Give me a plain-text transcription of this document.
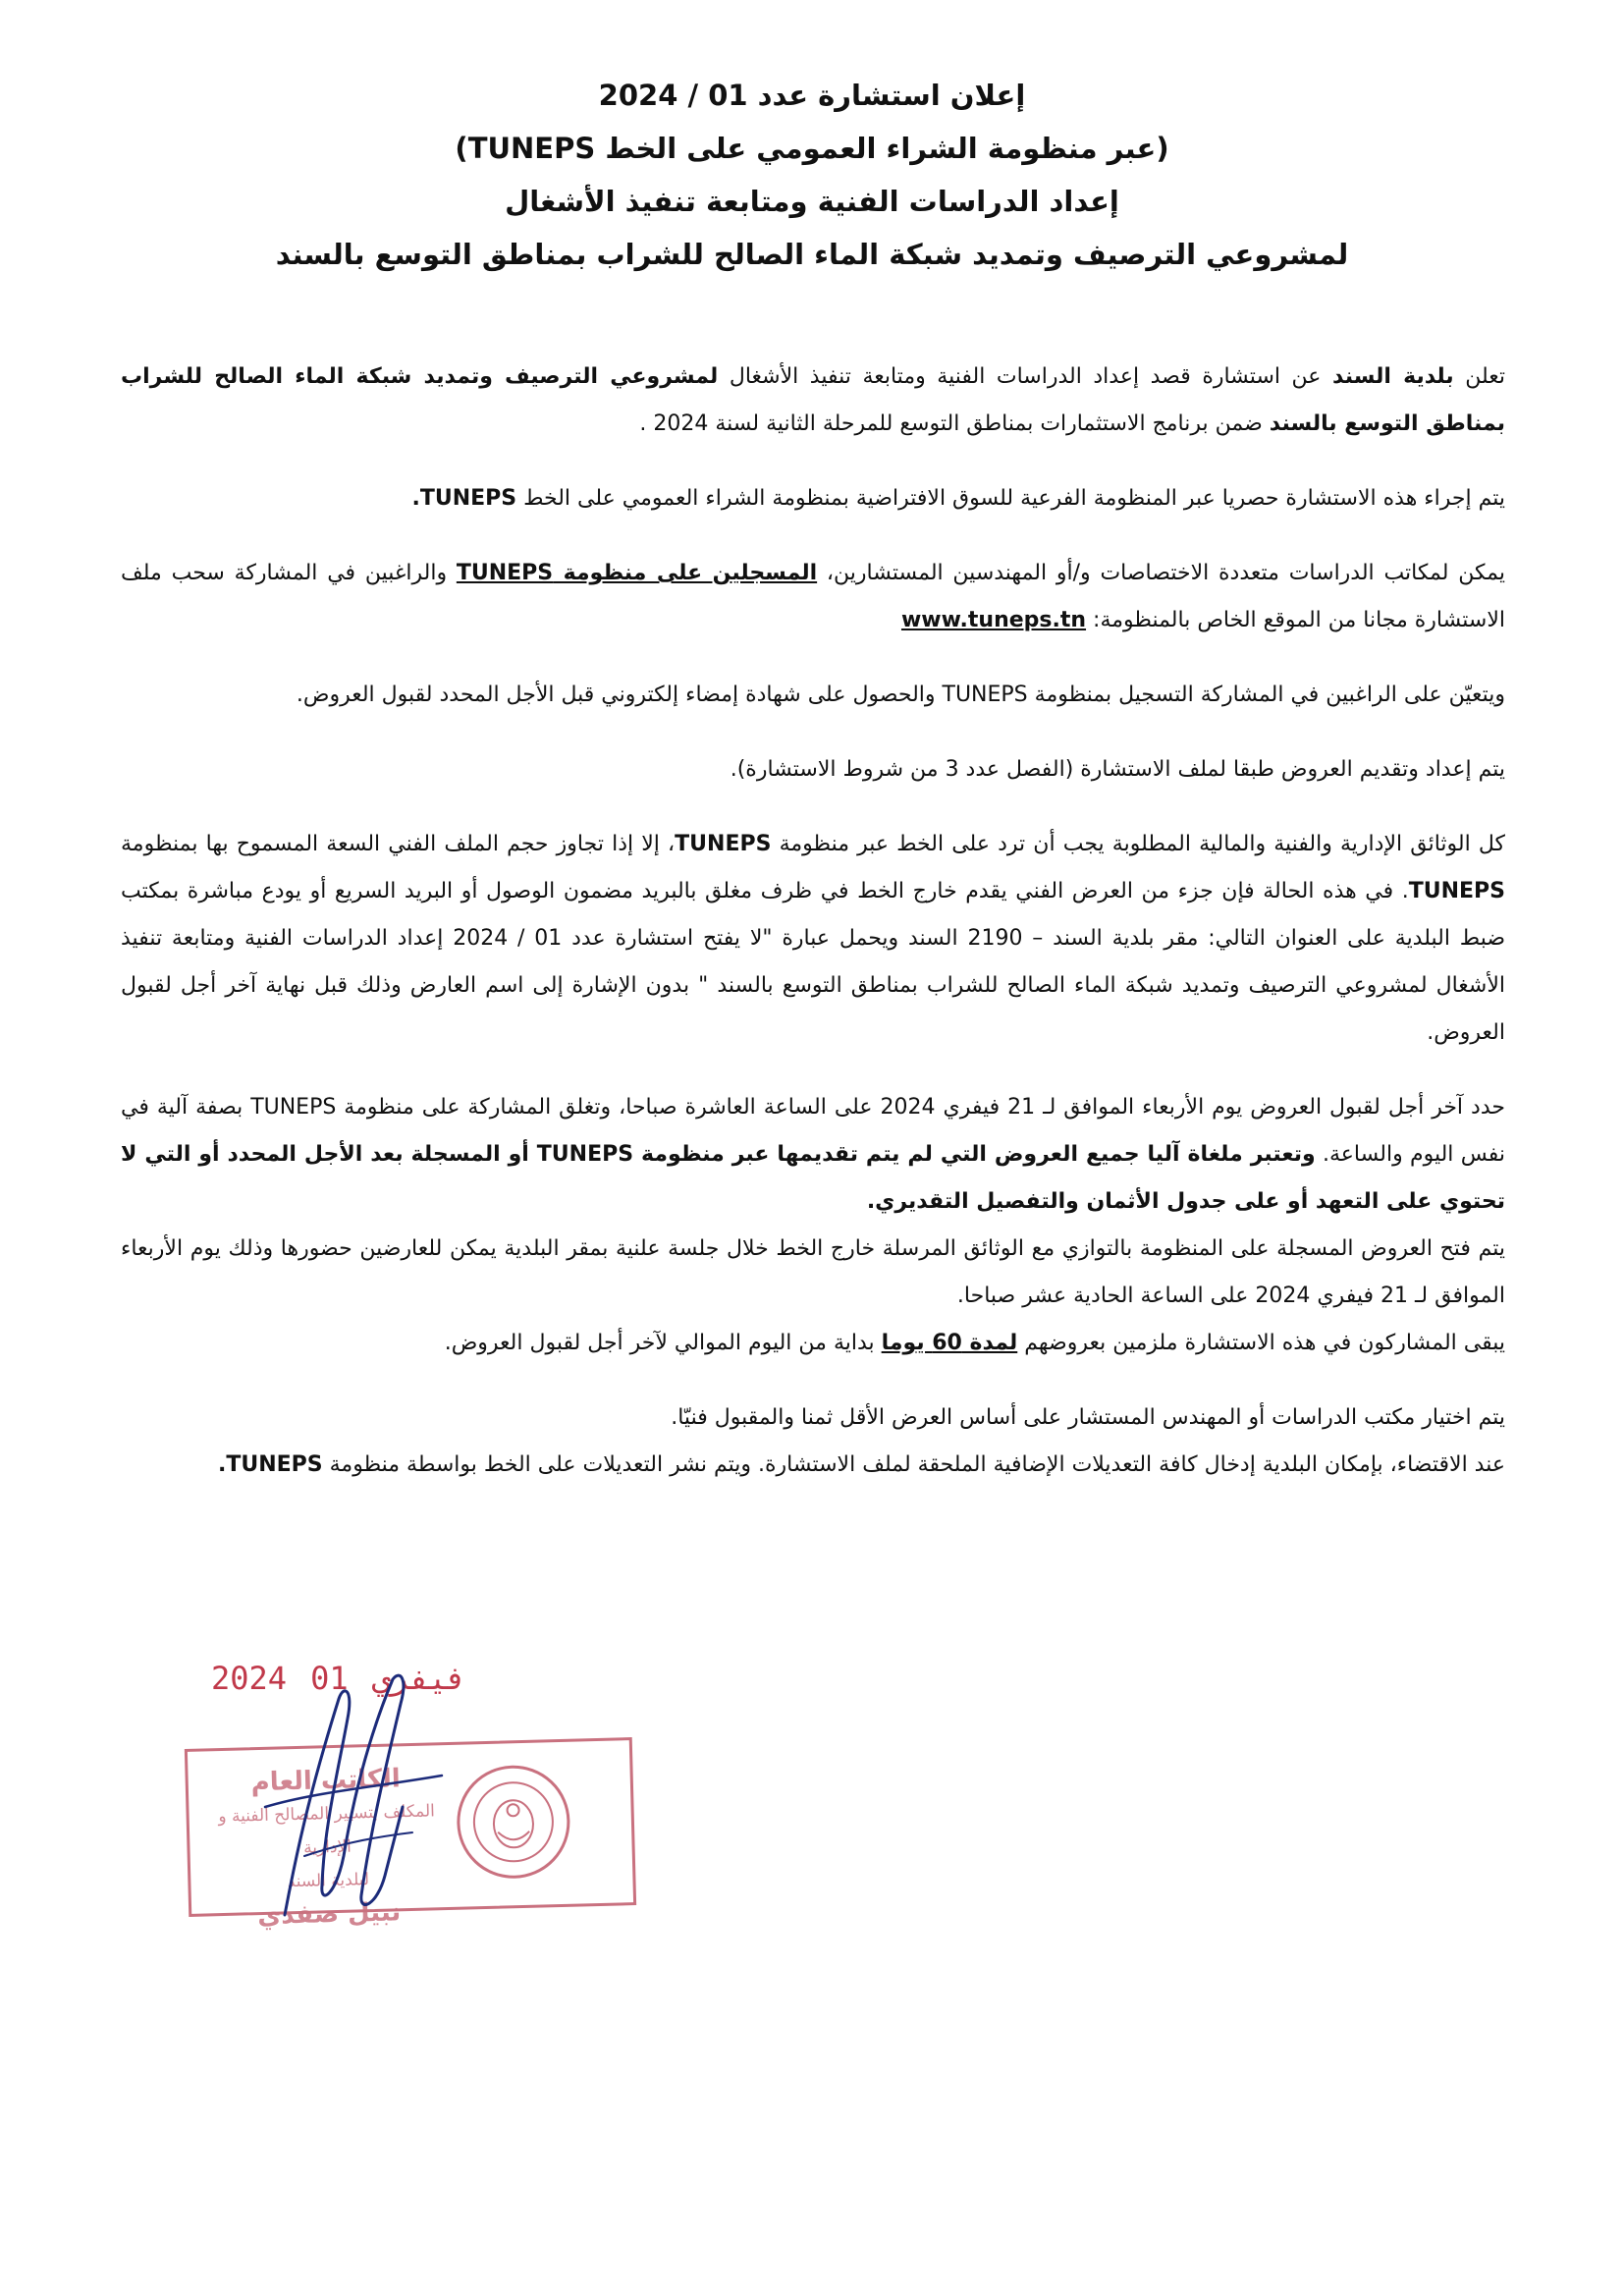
إعلان استشارة عدد 01 / 2024
(عبر منظومة الشراء العمومي على الخط TUNEPS)
إعداد الدراسات الفنية ومتابعة تنفيذ الأشغال
لمشروعي الترصيف وتمديد شبكة الماء الصالح للشراب بمناطق التوسع بالسند

تعلن بلدية السند عن استشارة قصد إعداد الدراسات الفنية ومتابعة تنفيذ الأشغال لمشروعي الترصيف وتمديد شبكة الماء الصالح للشراب بمناطق التوسع بالسند ضمن برنامج الاستثمارات بمناطق التوسع للمرحلة الثانية لسنة 2024 .

يتم إجراء هذه الاستشارة حصريا عبر المنظومة الفرعية للسوق الافتراضية بمنظومة الشراء العمومي على الخط TUNEPS.

يمكن لمكاتب الدراسات متعددة الاختصاصات و/أو المهندسين المستشارين، المسجلين على منظومة TUNEPS والراغبين في المشاركة سحب ملف الاستشارة مجانا من الموقع الخاص بالمنظومة: www.tuneps.tn

ويتعيّن على الراغبين في المشاركة التسجيل بمنظومة TUNEPS والحصول على شهادة إمضاء إلكتروني قبل الأجل المحدد لقبول العروض.

يتم إعداد وتقديم العروض طبقا لملف الاستشارة (الفصل عدد 3 من شروط الاستشارة).

كل الوثائق الإدارية والفنية والمالية المطلوبة يجب أن ترد على الخط عبر منظومة TUNEPS، إلا إذا تجاوز حجم الملف الفني السعة المسموح بها بمنظومة TUNEPS. في هذه الحالة فإن جزء من العرض الفني يقدم خارج الخط في ظرف مغلق بالبريد مضمون الوصول أو البريد السريع أو يودع مباشرة بمكتب ضبط البلدية على العنوان التالي: مقر بلدية السند – 2190 السند ويحمل عبارة "لا يفتح استشارة عدد 01 / 2024 إعداد الدراسات الفنية ومتابعة تنفيذ الأشغال لمشروعي الترصيف وتمديد شبكة الماء الصالح للشراب بمناطق التوسع بالسند " بدون الإشارة إلى اسم العارض وذلك قبل نهاية آخر أجل لقبول العروض.

حدد آخر أجل لقبول العروض يوم الأربعاء الموافق لـ 21 فيفري 2024 على الساعة العاشرة صباحا، وتغلق المشاركة على منظومة TUNEPS بصفة آلية في نفس اليوم والساعة. وتعتبر ملغاة آليا جميع العروض التي لم يتم تقديمها عبر منظومة TUNEPS أو المسجلة بعد الأجل المحدد أو التي لا تحتوي على التعهد أو على جدول الأثمان والتفصيل التقديري.

يتم فتح العروض المسجلة على المنظومة بالتوازي مع الوثائق المرسلة خارج الخط خلال جلسة علنية بمقر البلدية يمكن للعارضين حضورها وذلك يوم الأربعاء الموافق لـ 21 فيفري 2024 على الساعة الحادية عشر صباحا.

يبقى المشاركون في هذه الاستشارة ملزمين بعروضهم لمدة 60 يوما بداية من اليوم الموالي لآخر أجل لقبول العروض.

يتم اختيار مكتب الدراسات أو المهندس المستشار على أساس العرض الأقل ثمنا والمقبول فنيّا.

عند الاقتضاء، بإمكان البلدية إدخال كافة التعديلات الإضافية الملحقة لملف الاستشارة. ويتم نشر التعديلات على الخط بواسطة منظومة TUNEPS.

2024	فيفري01
الكاتب العام
المكلف بتسيير المصالح الفنية و الإدارية
لبلدية السند
نبيل صفدي
